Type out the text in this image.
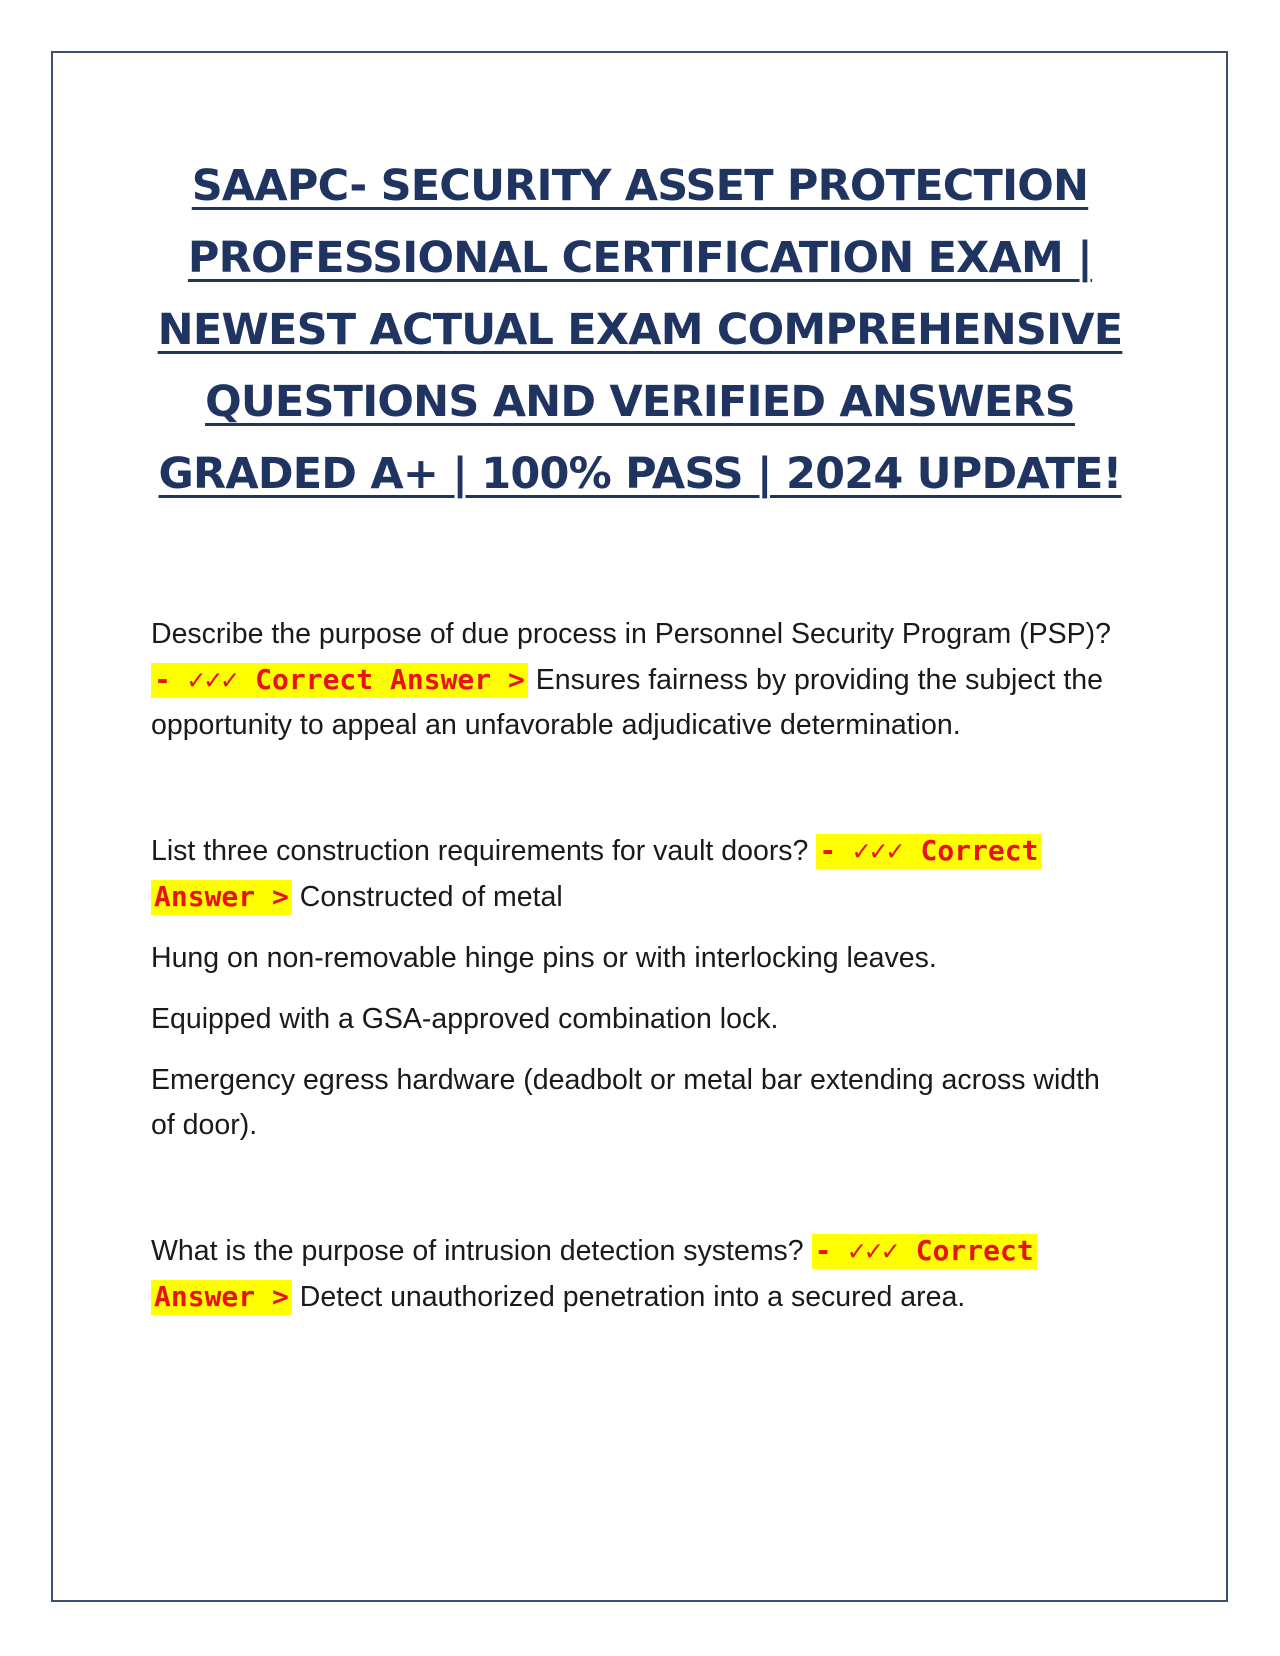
SAAPC- SECURITY ASSET PROTECTION
PROFESSIONAL CERTIFICATION EXAM |
NEWEST ACTUAL EXAM COMPREHENSIVE
QUESTIONS AND VERIFIED ANSWERS
GRADED A+ | 100% PASS | 2024 UPDATE!

Describe the purpose of due process in Personnel Security Program (PSP)? - ✓✓✓ Correct Answer > Ensures fairness by providing the subject the opportunity to appeal an unfavorable adjudicative determination.

List three construction requirements for vault doors? - ✓✓✓ Correct
Answer > Constructed of metal

Hung on non-removable hinge pins or with interlocking leaves.

Equipped with a GSA-approved combination lock.

Emergency egress hardware (deadbolt or metal bar extending across width of door).

What is the purpose of intrusion detection systems? - ✓✓✓ Correct
Answer > Detect unauthorized penetration into a secured area.
